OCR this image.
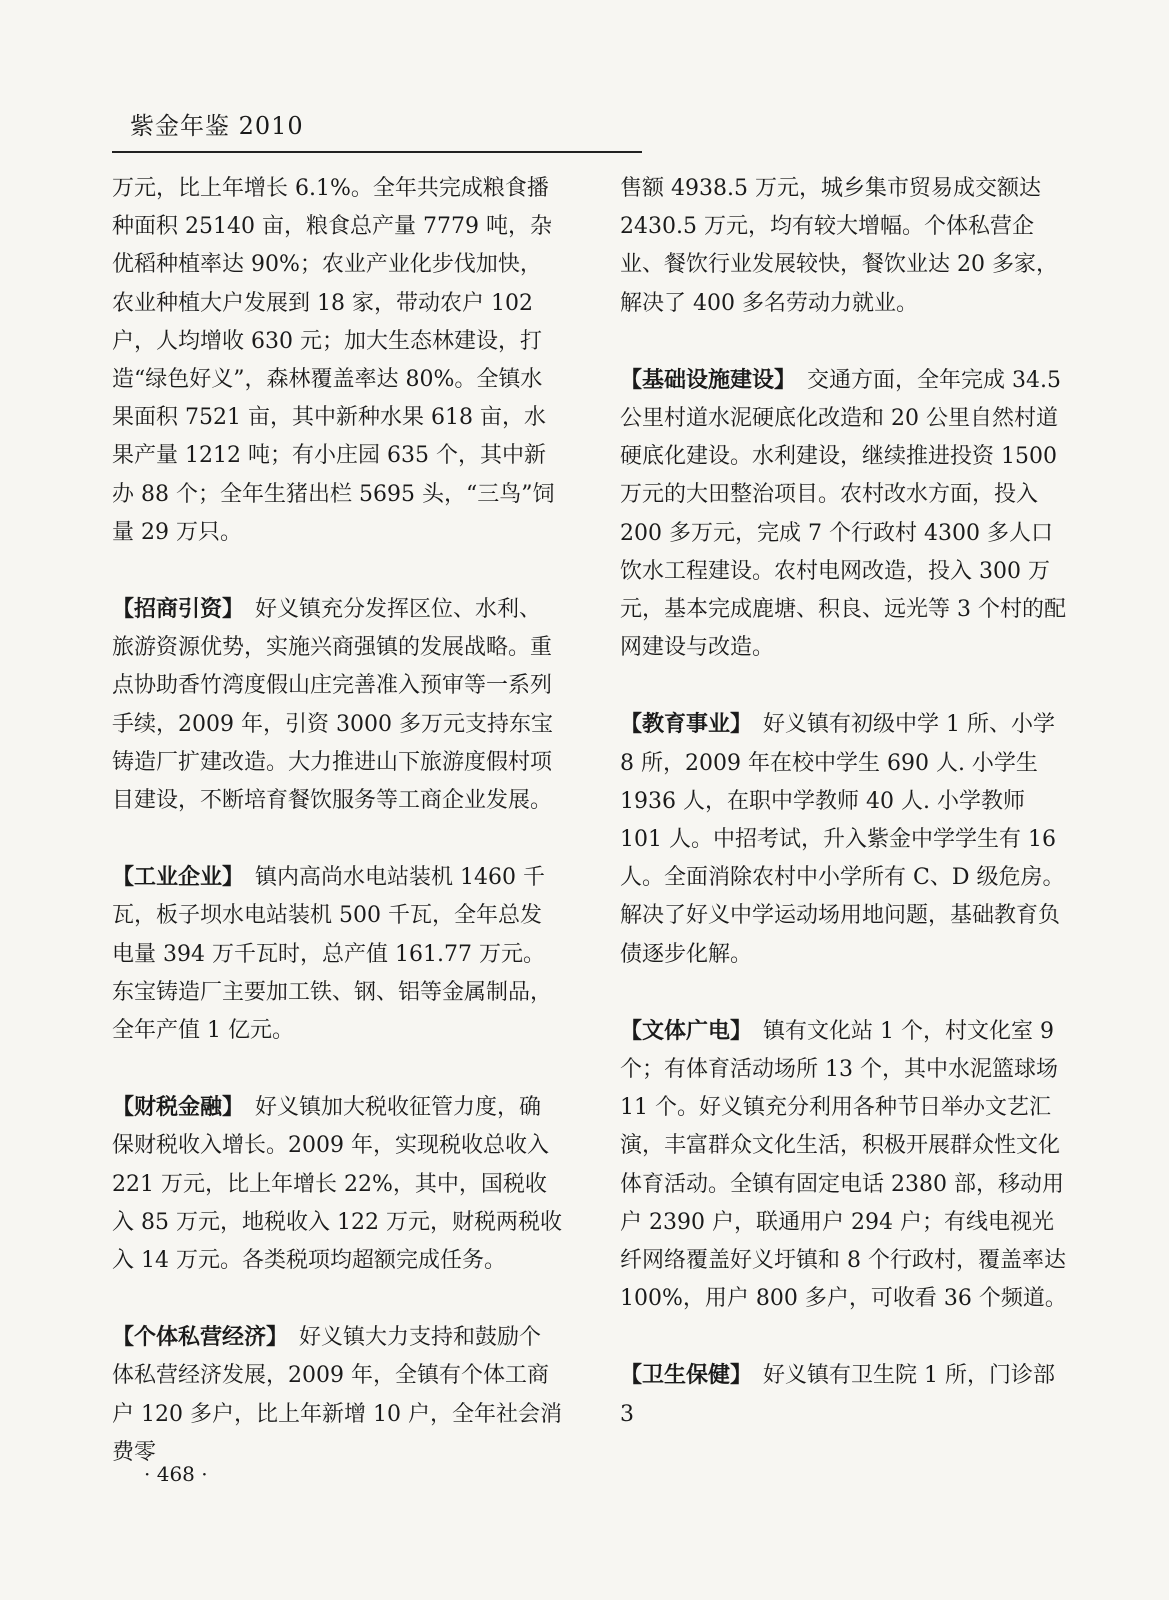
紫金年鉴 2010

万元，比上年增长 6.1%。全年共完成粮食播种面积 25140 亩，粮食总产量 7779 吨，杂优稻种植率达 90%；农业产业化步伐加快，农业种植大户发展到 18 家，带动农户 102 户，人均增收 630 元；加大生态林建设，打造“绿色好义”，森林覆盖率达 80%。全镇水果面积 7521 亩，其中新种水果 618 亩，水果产量 1212 吨；有小庄园 635 个，其中新办 88 个；全年生猪出栏 5695 头，“三鸟”饲量 29 万只。

【招商引资】　好义镇充分发挥区位、水利、旅游资源优势，实施兴商强镇的发展战略。重点协助香竹湾度假山庄完善准入预审等一系列手续，2009 年，引资 3000 多万元支持东宝铸造厂扩建改造。大力推进山下旅游度假村项目建设，不断培育餐饮服务等工商企业发展。

【工业企业】　镇内高尚水电站装机 1460 千瓦，板子坝水电站装机 500 千瓦，全年总发电量 394 万千瓦时，总产值 161.77 万元。东宝铸造厂主要加工铁、钢、铝等金属制品，全年产值 1 亿元。

【财税金融】　好义镇加大税收征管力度，确保财税收入增长。2009 年，实现税收总收入 221 万元，比上年增长 22%，其中，国税收入 85 万元，地税收入 122 万元，财税两税收入 14 万元。各类税项均超额完成任务。

【个体私营经济】　好义镇大力支持和鼓励个体私营经济发展，2009 年，全镇有个体工商户 120 多户，比上年新增 10 户，全年社会消费零

售额 4938.5 万元，城乡集市贸易成交额达 2430.5 万元，均有较大增幅。个体私营企业、餐饮行业发展较快，餐饮业达 20 多家，解决了 400 多名劳动力就业。

【基础设施建设】　交通方面，全年完成 34.5 公里村道水泥硬底化改造和 20 公里自然村道硬底化建设。水利建设，继续推进投资 1500 万元的大田整治项目。农村改水方面，投入 200 多万元，完成 7 个行政村 4300 多人口饮水工程建设。农村电网改造，投入 300 万元，基本完成鹿塘、积良、远光等 3 个村的配网建设与改造。

【教育事业】　好义镇有初级中学 1 所、小学 8 所，2009 年在校中学生 690 人. 小学生 1936 人，在职中学教师 40 人. 小学教师 101 人。中招考试，升入紫金中学学生有 16 人。全面消除农村中小学所有 C、D 级危房。解决了好义中学运动场用地问题，基础教育负债逐步化解。

【文体广电】　镇有文化站 1 个，村文化室 9 个；有体育活动场所 13 个，其中水泥篮球场 11 个。好义镇充分利用各种节日举办文艺汇演，丰富群众文化生活，积极开展群众性文化体育活动。全镇有固定电话 2380 部，移动用户 2390 户，联通用户 294 户；有线电视光纤网络覆盖好义圩镇和 8 个行政村，覆盖率达 100%，用户 800 多户，可收看 36 个频道。

【卫生保健】　好义镇有卫生院 1 所，门诊部 3

· 468 ·
